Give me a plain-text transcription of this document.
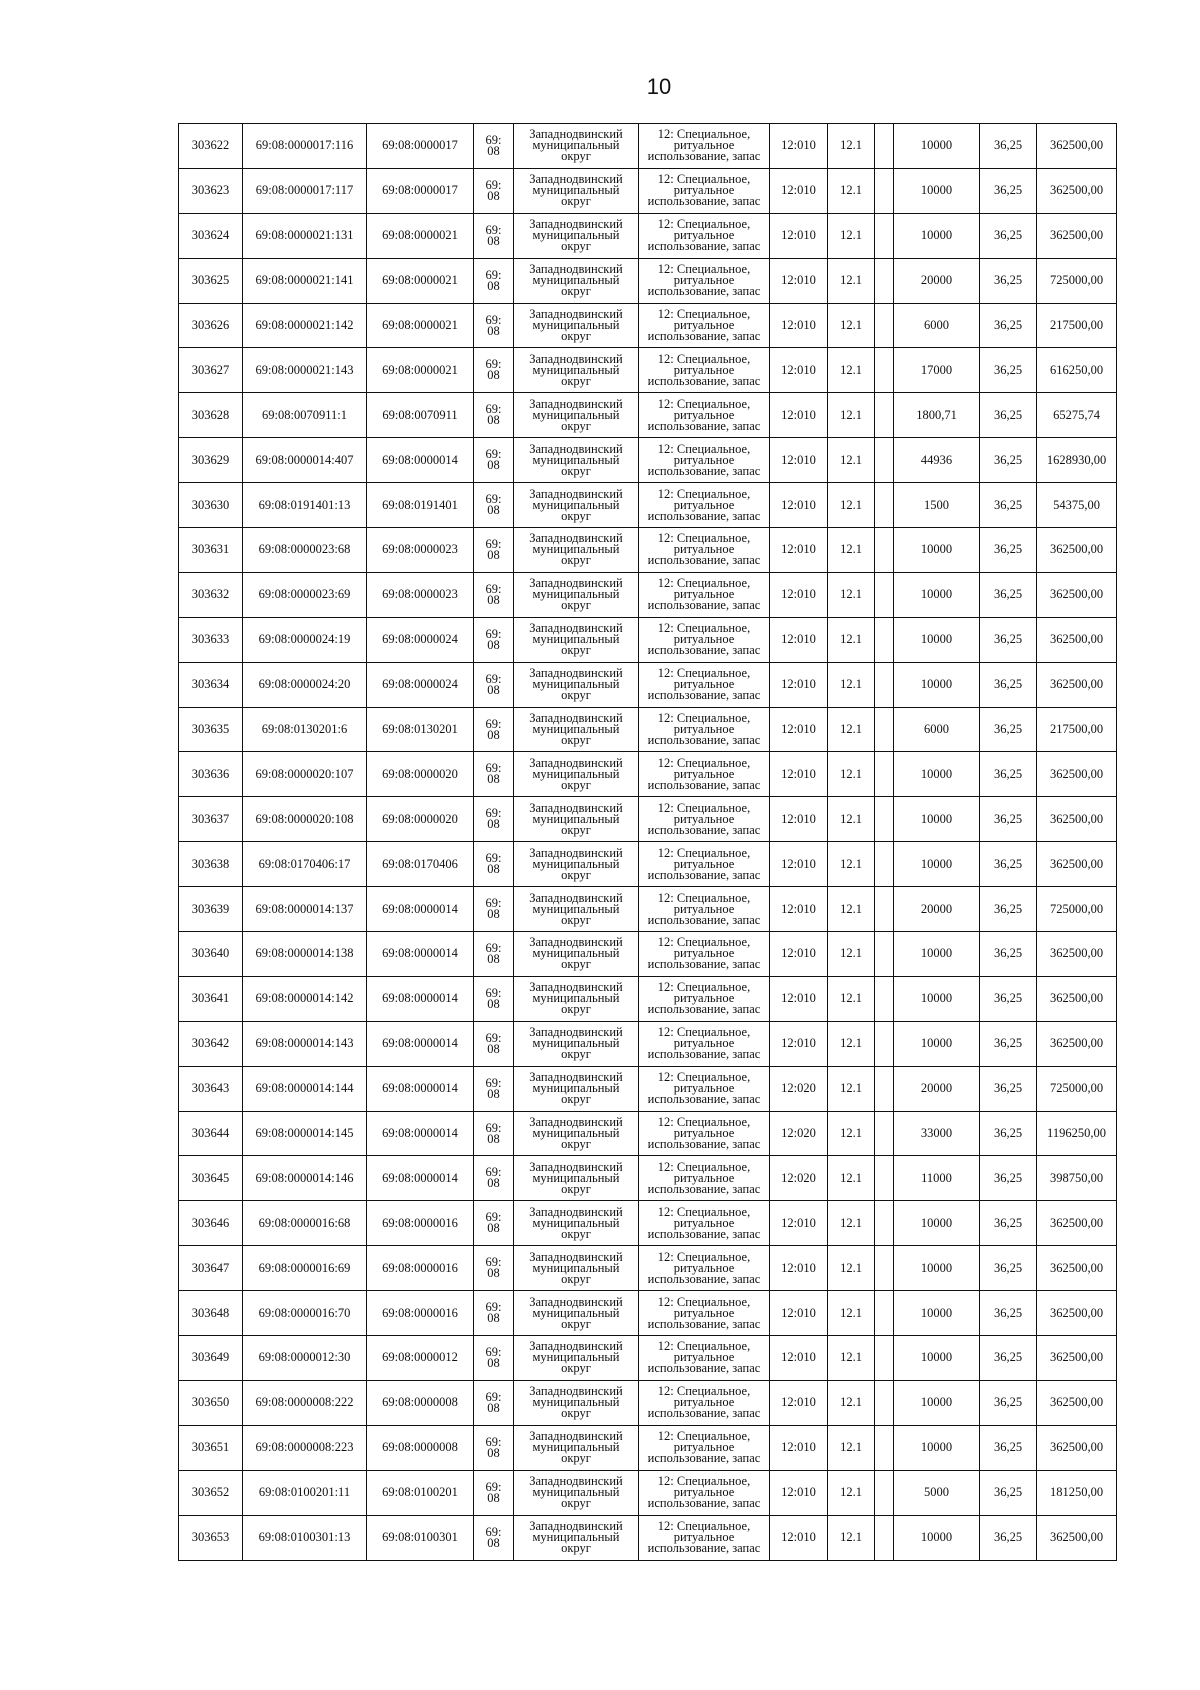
10
303622	69:08:0000017:116	69:08:0000017	69:
08	Западнодвинский
муниципальный
округ	12: Специальное,
ритуальное
использование, запас	12:010	12.1		10000	36,25	362500,00
303623	69:08:0000017:117	69:08:0000017	69:
08	Западнодвинский
муниципальный
округ	12: Специальное,
ритуальное
использование, запас	12:010	12.1		10000	36,25	362500,00
303624	69:08:0000021:131	69:08:0000021	69:
08	Западнодвинский
муниципальный
округ	12: Специальное,
ритуальное
использование, запас	12:010	12.1		10000	36,25	362500,00
303625	69:08:0000021:141	69:08:0000021	69:
08	Западнодвинский
муниципальный
округ	12: Специальное,
ритуальное
использование, запас	12:010	12.1		20000	36,25	725000,00
303626	69:08:0000021:142	69:08:0000021	69:
08	Западнодвинский
муниципальный
округ	12: Специальное,
ритуальное
использование, запас	12:010	12.1		6000	36,25	217500,00
303627	69:08:0000021:143	69:08:0000021	69:
08	Западнодвинский
муниципальный
округ	12: Специальное,
ритуальное
использование, запас	12:010	12.1		17000	36,25	616250,00
303628	69:08:0070911:1	69:08:0070911	69:
08	Западнодвинский
муниципальный
округ	12: Специальное,
ритуальное
использование, запас	12:010	12.1		1800,71	36,25	65275,74
303629	69:08:0000014:407	69:08:0000014	69:
08	Западнодвинский
муниципальный
округ	12: Специальное,
ритуальное
использование, запас	12:010	12.1		44936	36,25	1628930,00
303630	69:08:0191401:13	69:08:0191401	69:
08	Западнодвинский
муниципальный
округ	12: Специальное,
ритуальное
использование, запас	12:010	12.1		1500	36,25	54375,00
303631	69:08:0000023:68	69:08:0000023	69:
08	Западнодвинский
муниципальный
округ	12: Специальное,
ритуальное
использование, запас	12:010	12.1		10000	36,25	362500,00
303632	69:08:0000023:69	69:08:0000023	69:
08	Западнодвинский
муниципальный
округ	12: Специальное,
ритуальное
использование, запас	12:010	12.1		10000	36,25	362500,00
303633	69:08:0000024:19	69:08:0000024	69:
08	Западнодвинский
муниципальный
округ	12: Специальное,
ритуальное
использование, запас	12:010	12.1		10000	36,25	362500,00
303634	69:08:0000024:20	69:08:0000024	69:
08	Западнодвинский
муниципальный
округ	12: Специальное,
ритуальное
использование, запас	12:010	12.1		10000	36,25	362500,00
303635	69:08:0130201:6	69:08:0130201	69:
08	Западнодвинский
муниципальный
округ	12: Специальное,
ритуальное
использование, запас	12:010	12.1		6000	36,25	217500,00
303636	69:08:0000020:107	69:08:0000020	69:
08	Западнодвинский
муниципальный
округ	12: Специальное,
ритуальное
использование, запас	12:010	12.1		10000	36,25	362500,00
303637	69:08:0000020:108	69:08:0000020	69:
08	Западнодвинский
муниципальный
округ	12: Специальное,
ритуальное
использование, запас	12:010	12.1		10000	36,25	362500,00
303638	69:08:0170406:17	69:08:0170406	69:
08	Западнодвинский
муниципальный
округ	12: Специальное,
ритуальное
использование, запас	12:010	12.1		10000	36,25	362500,00
303639	69:08:0000014:137	69:08:0000014	69:
08	Западнодвинский
муниципальный
округ	12: Специальное,
ритуальное
использование, запас	12:010	12.1		20000	36,25	725000,00
303640	69:08:0000014:138	69:08:0000014	69:
08	Западнодвинский
муниципальный
округ	12: Специальное,
ритуальное
использование, запас	12:010	12.1		10000	36,25	362500,00
303641	69:08:0000014:142	69:08:0000014	69:
08	Западнодвинский
муниципальный
округ	12: Специальное,
ритуальное
использование, запас	12:010	12.1		10000	36,25	362500,00
303642	69:08:0000014:143	69:08:0000014	69:
08	Западнодвинский
муниципальный
округ	12: Специальное,
ритуальное
использование, запас	12:010	12.1		10000	36,25	362500,00
303643	69:08:0000014:144	69:08:0000014	69:
08	Западнодвинский
муниципальный
округ	12: Специальное,
ритуальное
использование, запас	12:020	12.1		20000	36,25	725000,00
303644	69:08:0000014:145	69:08:0000014	69:
08	Западнодвинский
муниципальный
округ	12: Специальное,
ритуальное
использование, запас	12:020	12.1		33000	36,25	1196250,00
303645	69:08:0000014:146	69:08:0000014	69:
08	Западнодвинский
муниципальный
округ	12: Специальное,
ритуальное
использование, запас	12:020	12.1		11000	36,25	398750,00
303646	69:08:0000016:68	69:08:0000016	69:
08	Западнодвинский
муниципальный
округ	12: Специальное,
ритуальное
использование, запас	12:010	12.1		10000	36,25	362500,00
303647	69:08:0000016:69	69:08:0000016	69:
08	Западнодвинский
муниципальный
округ	12: Специальное,
ритуальное
использование, запас	12:010	12.1		10000	36,25	362500,00
303648	69:08:0000016:70	69:08:0000016	69:
08	Западнодвинский
муниципальный
округ	12: Специальное,
ритуальное
использование, запас	12:010	12.1		10000	36,25	362500,00
303649	69:08:0000012:30	69:08:0000012	69:
08	Западнодвинский
муниципальный
округ	12: Специальное,
ритуальное
использование, запас	12:010	12.1		10000	36,25	362500,00
303650	69:08:0000008:222	69:08:0000008	69:
08	Западнодвинский
муниципальный
округ	12: Специальное,
ритуальное
использование, запас	12:010	12.1		10000	36,25	362500,00
303651	69:08:0000008:223	69:08:0000008	69:
08	Западнодвинский
муниципальный
округ	12: Специальное,
ритуальное
использование, запас	12:010	12.1		10000	36,25	362500,00
303652	69:08:0100201:11	69:08:0100201	69:
08	Западнодвинский
муниципальный
округ	12: Специальное,
ритуальное
использование, запас	12:010	12.1		5000	36,25	181250,00
303653	69:08:0100301:13	69:08:0100301	69:
08	Западнодвинский
муниципальный
округ	12: Специальное,
ритуальное
использование, запас	12:010	12.1		10000	36,25	362500,00
